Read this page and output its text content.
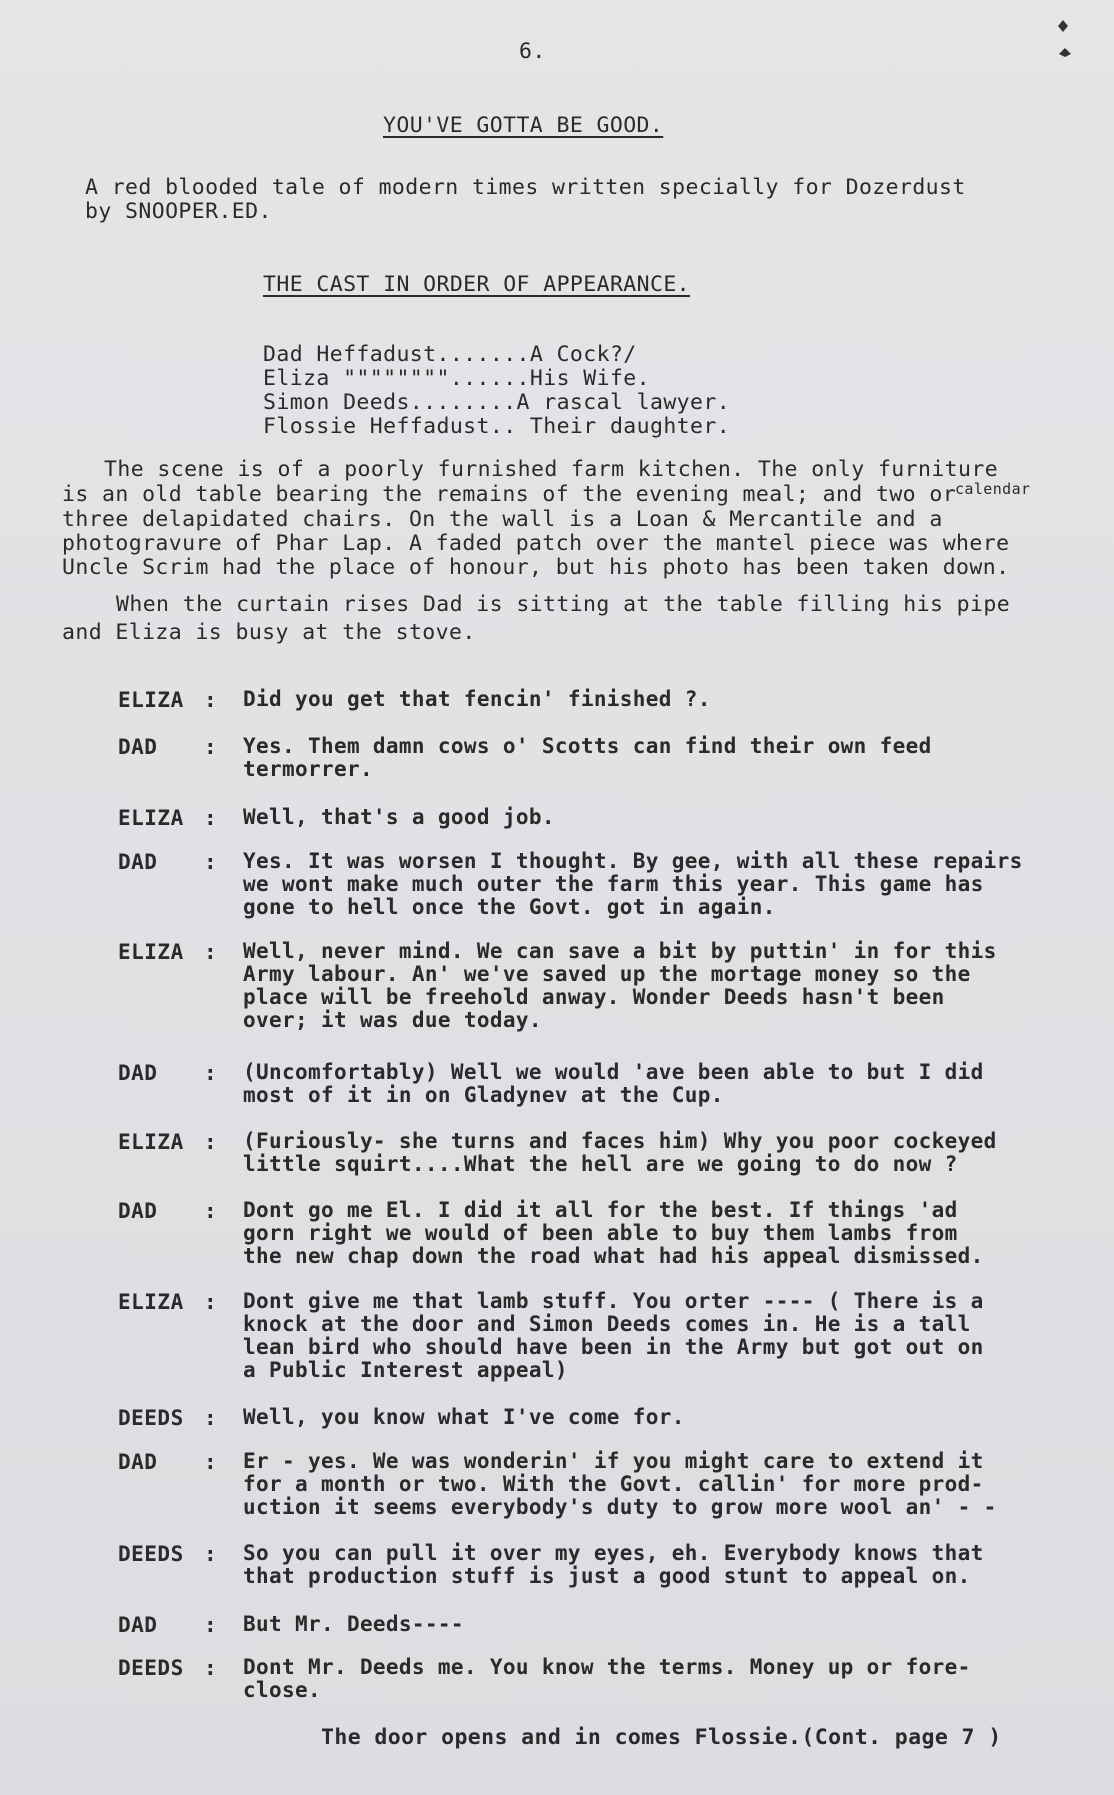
6.
YOU'VE GOTTA BE GOOD.
A red blooded tale of modern times written specially for Dozerdust
by SNOOPER.ED.
THE CAST IN ORDER OF APPEARANCE.
Dad Heffadust.......A Cock?/
Eliza """"""""......His Wife.
Simon Deeds........A rascal lawyer.
Flossie Heffadust.. Their daughter.
The scene is of a poorly furnished farm kitchen. The only furniture
is an old table bearing the remains of the evening meal; and two or
calendar
three delapidated chairs. On the wall is a Loan & Mercantile and a
photogravure of Phar Lap. A faded patch over the mantel piece was where
Uncle Scrim had the place of honour, but his photo has been taken down.
When the curtain rises Dad is sitting at the table filling his pipe
and Eliza is busy at the stove.
ELIZA : Did you get that fencin' finished ?.
DAD : Yes. Them damn cows o' Scotts can find their own feed
termorrer.
ELIZA : Well, that's a good job.
DAD : Yes. It was worsen I thought. By gee, with all these repairs
we wont make much outer the farm this year. This game has
gone to hell once the Govt. got in again.
ELIZA : Well, never mind. We can save a bit by puttin' in for this
Army labour. An' we've saved up the mortage money so the
place will be freehold anway. Wonder Deeds hasn't been
over; it was due today.
DAD : (Uncomfortably) Well we would 'ave been able to but I did
most of it in on Gladynev at the Cup.
ELIZA : (Furiously- she turns and faces him) Why you poor cockeyed
little squirt....What the hell are we going to do now ?
DAD : Dont go me El. I did it all for the best. If things 'ad
gorn right we would of been able to buy them lambs from
the new chap down the road what had his appeal dismissed.
ELIZA : Dont give me that lamb stuff. You orter ---- ( There is a
knock at the door and Simon Deeds comes in. He is a tall
lean bird who should have been in the Army but got out on
a Public Interest appeal)
DEEDS : Well, you know what I've come for.
DAD : Er - yes. We was wonderin' if you might care to extend it
for a month or two. With the Govt. callin' for more prod-
uction it seems everybody's duty to grow more wool an' - -
DEEDS : So you can pull it over my eyes, eh. Everybody knows that
that production stuff is just a good stunt to appeal on.
DAD : But Mr. Deeds----
DEEDS : Dont Mr. Deeds me. You know the terms. Money up or fore-
close.
The door opens and in comes Flossie.(Cont. page 7 )
